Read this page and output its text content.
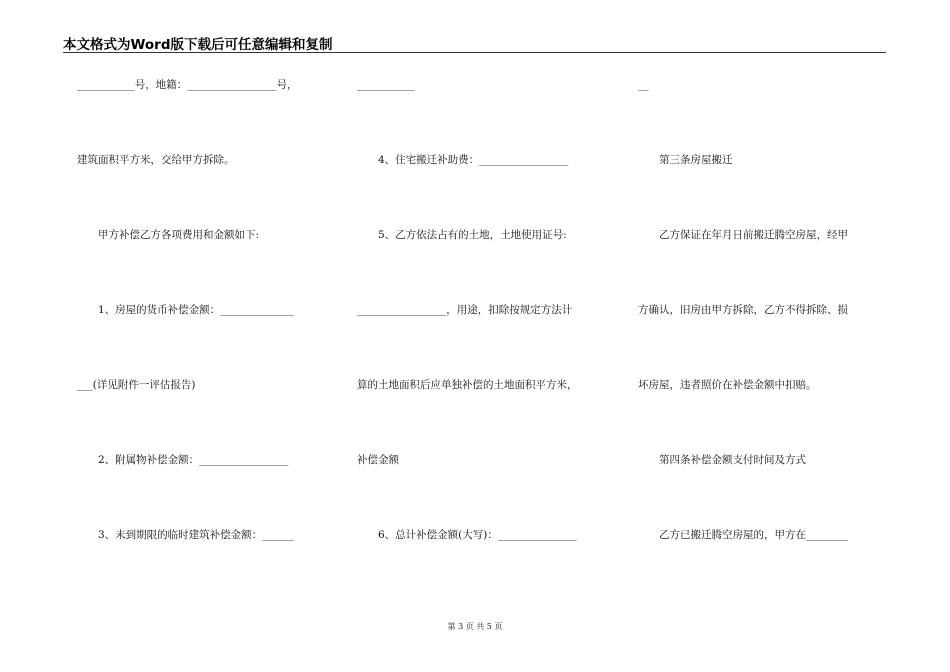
本文格式为Word版下载后可任意编辑和复制
___________号，地籍：_________________号，
建筑面积平方米，交给甲方拆除。
　　甲方补偿乙方各项费用和金额如下:
　　1、房屋的货币补偿金额：______________
___(详见附件一评估报告)
　　2、附属物补偿金额：_________________
　　3、未到期限的临时建筑补偿金额：______
___________
　　4、住宅搬迁补助费：_________________
　　5、乙方依法占有的土地，土地使用证号:
_________________，用途，扣除按规定方法计
算的土地面积后应单独补偿的土地面积平方米，
补偿金额
　　6、总计补偿金额(大写)：_______________
__
　　第三条房屋搬迁
　　乙方保证在年月日前搬迁腾空房屋，经甲
方确认，旧房由甲方拆除，乙方不得拆除、损
坏房屋，违者照价在补偿金额中扣赔。
　　第四条补偿金额支付时间及方式
　　乙方已搬迁腾空房屋的，甲方在________
第 3 页 共 5 页
